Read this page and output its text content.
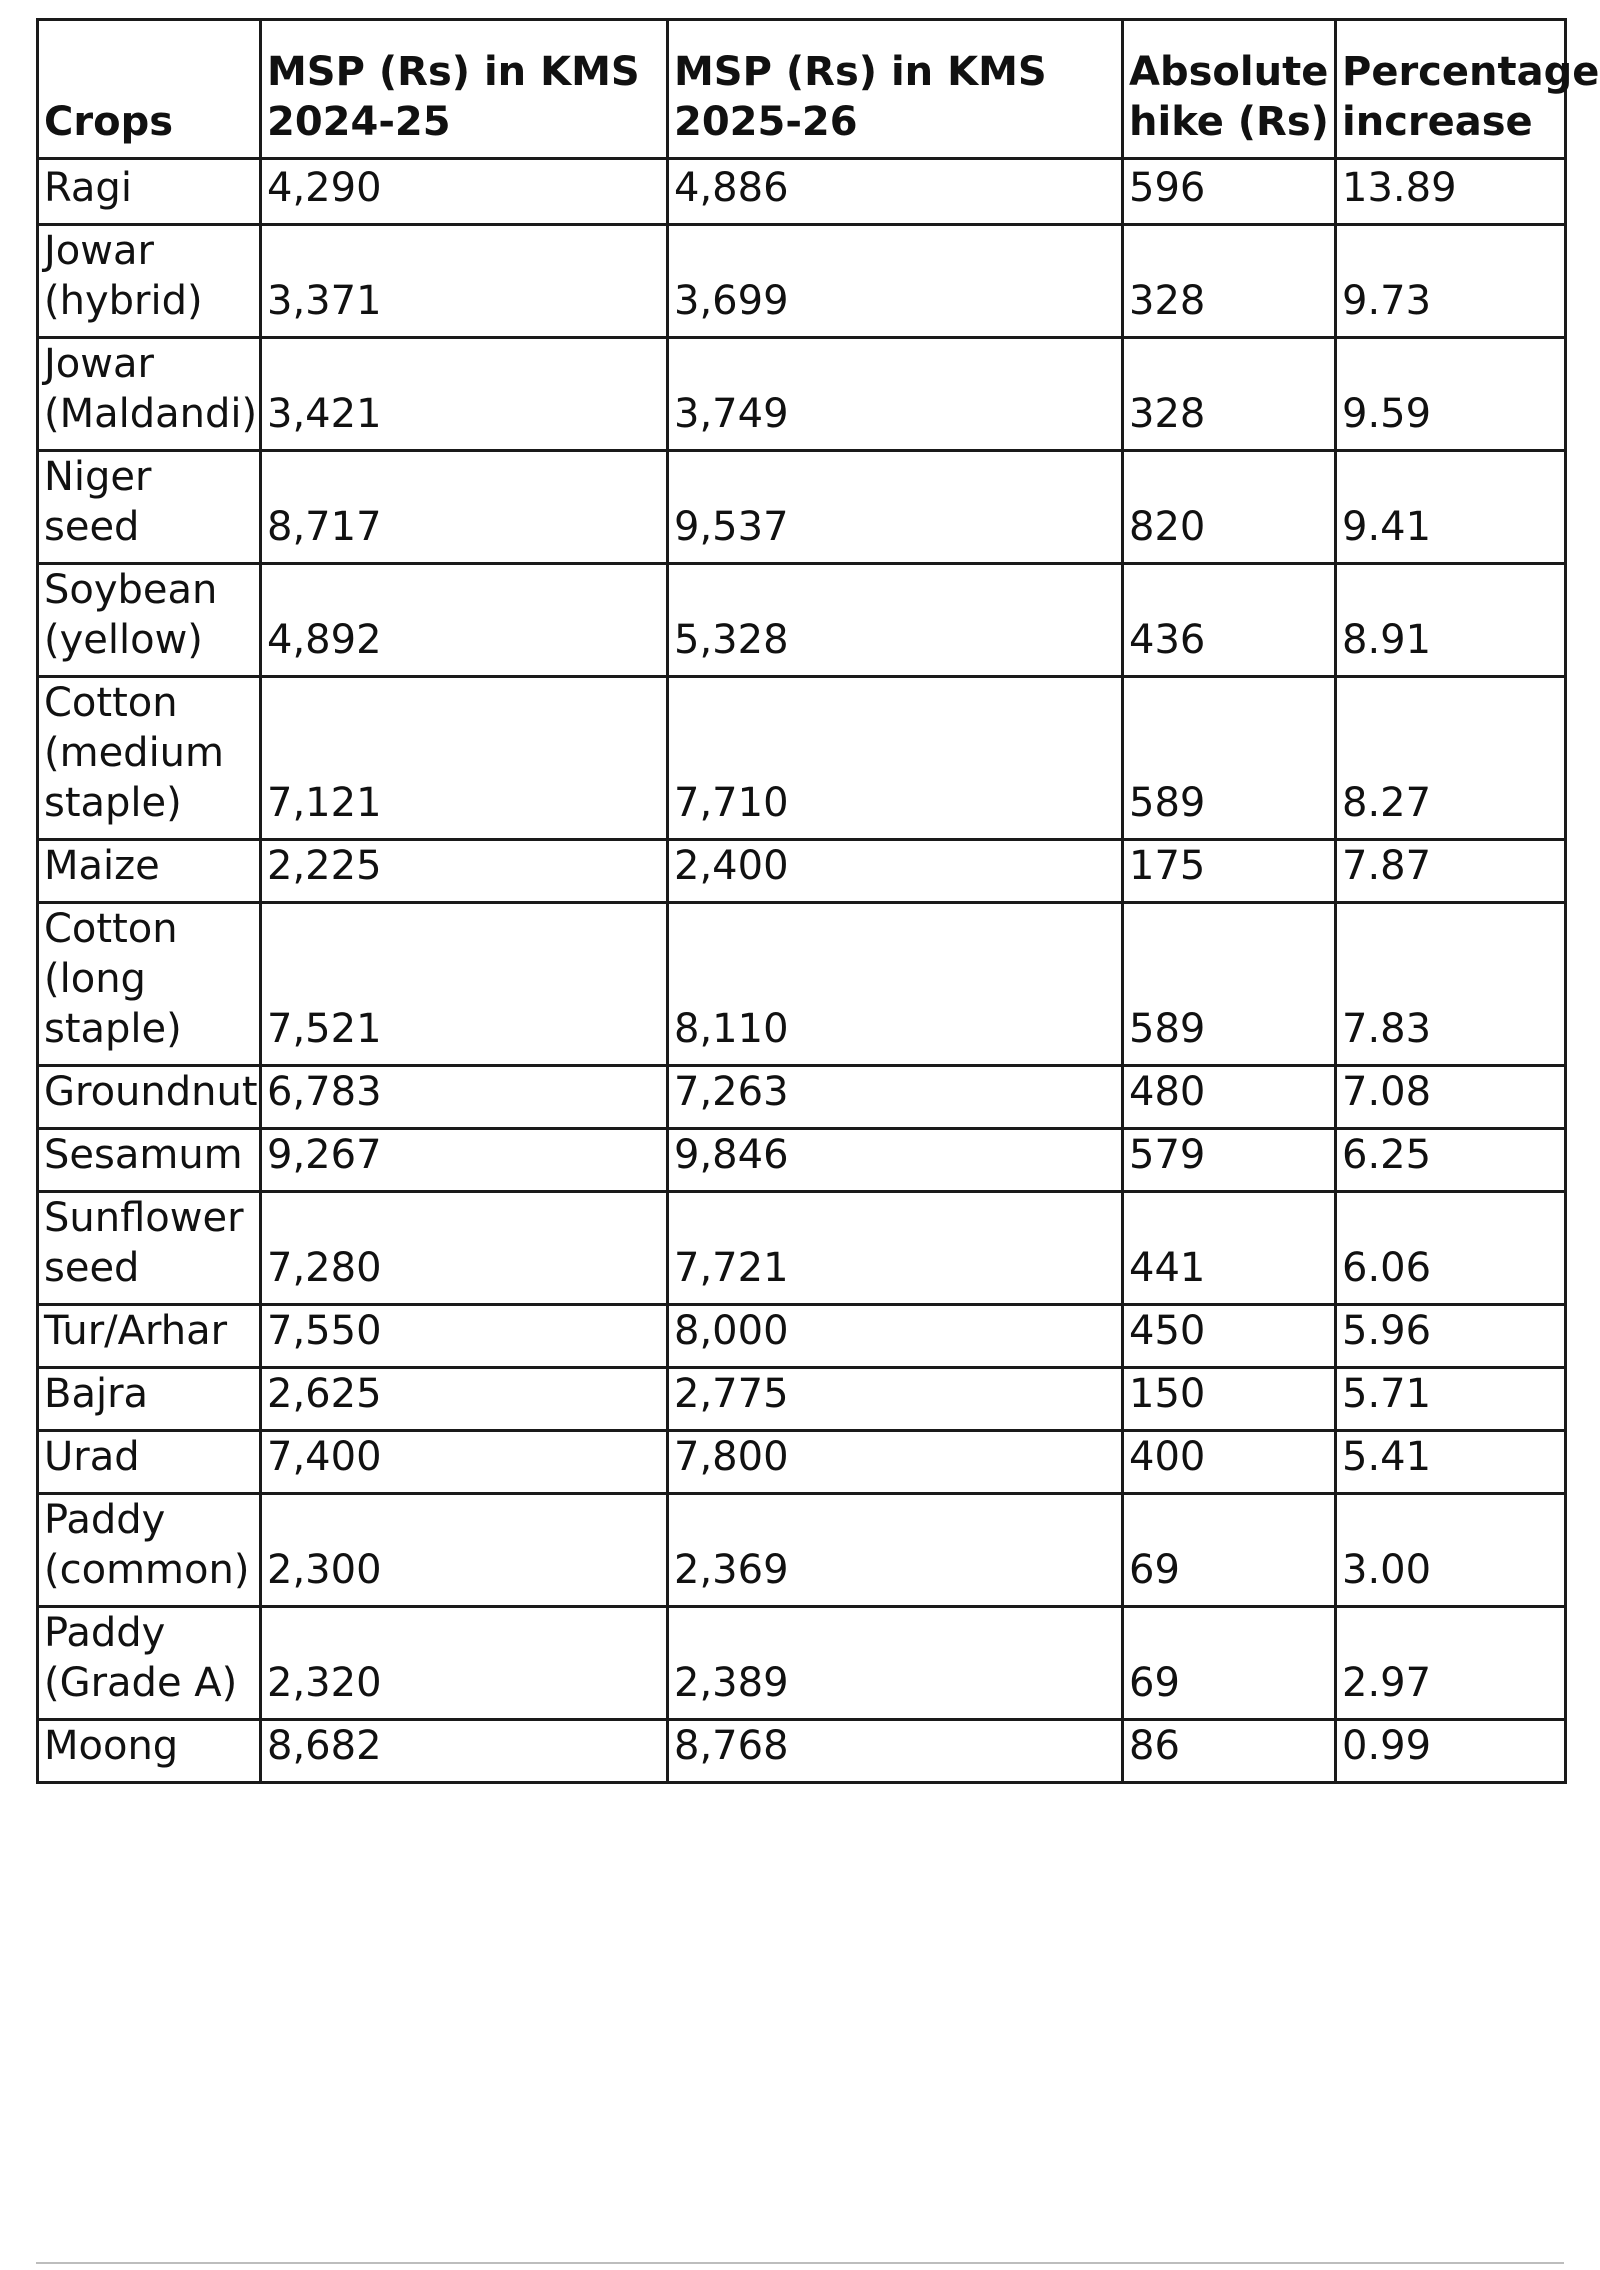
Crops	MSP (Rs) in KMS 2024-25	MSP (Rs) in KMS 2025-26	Absolute hike (Rs)	Percentage increase
Ragi	4,290	4,886	596	13.89
Jowar (hybrid)	3,371	3,699	328	9.73
Jowar (Maldandi)	3,421	3,749	328	9.59
Niger seed	8,717	9,537	820	9.41
Soybean (yellow)	4,892	5,328	436	8.91
Cotton (medium staple)	7,121	7,710	589	8.27
Maize	2,225	2,400	175	7.87
Cotton (long staple)	7,521	8,110	589	7.83
Groundnut	6,783	7,263	480	7.08
Sesamum	9,267	9,846	579	6.25
Sunflower seed	7,280	7,721	441	6.06
Tur/Arhar	7,550	8,000	450	5.96
Bajra	2,625	2,775	150	5.71
Urad	7,400	7,800	400	5.41
Paddy (common)	2,300	2,369	69	3.00
Paddy (Grade A)	2,320	2,389	69	2.97
Moong	8,682	8,768	86	0.99
